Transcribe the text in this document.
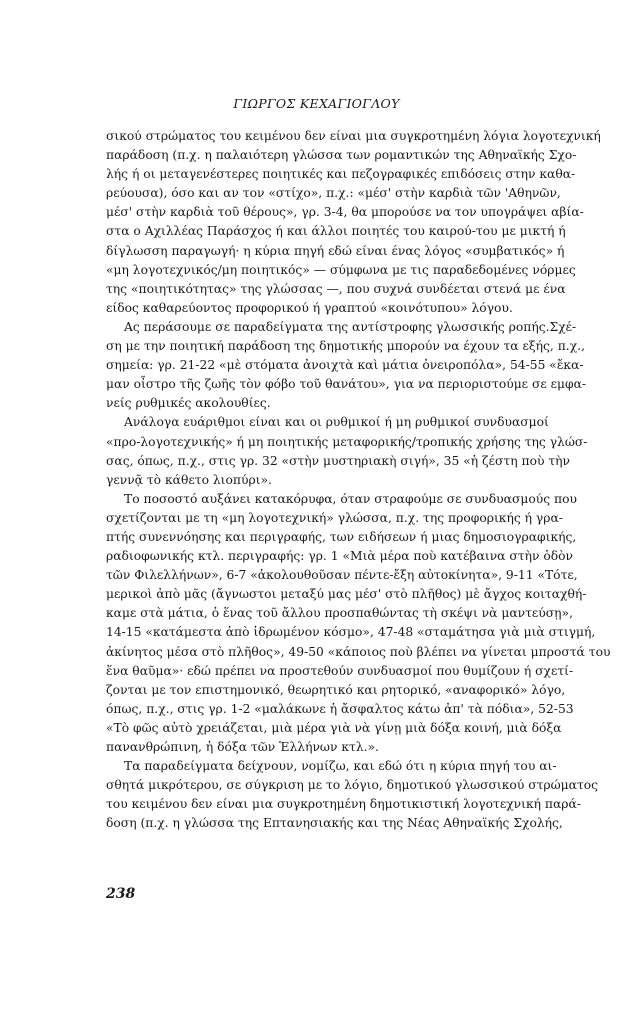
ΓΙΩΡΓΟΣ ΚΕΧΑΓΙΟΓΛΟΥ
σικού στρώματος του κειμένου δεν είναι μια συγκροτημένη λόγια λογοτεχνική
παράδοση (π.χ. η παλαιότερη γλώσσα των ρομαντικών της Αθηναϊκής Σχο-
λής ή οι μεταγενέστερες ποιητικές και πεζογραφικές επιδόσεις στην καθα-
ρεύουσα), όσο και αν τον «στίχο», π.χ.: «μέσ' στὴν καρδιὰ τῶν 'Αθηνῶν,
μέσ' στὴν καρδιὰ τοῦ θέρους», γρ. 3-4, θα μπορούσε να τον υπογράψει αβία-
στα ο Αχιλλέας Παράσχος ή και άλλοι ποιητές του καιρού-του με μικτή ή
δίγλωσση παραγωγή· η κύρια πηγή εδώ είναι ένας λόγος «συμβατικός» ή
«μη λογοτεχνικός/μη ποιητικός» — σύμφωνα με τις παραδεδομένες νόρμες
της «ποιητικότητας» της γλώσσας —, που συχνά συνδέεται στενά με ένα
είδος καθαρεύοντος προφορικού ή γραπτού «κοινότυπου» λόγου.
Ας περάσουμε σε παραδείγματα της αντίστροφης γλωσσικής ροπής.Σχέ-
ση με την ποιητική παράδοση της δημοτικής μπορούν να έχουν τα εξής, π.χ.,
σημεία: γρ. 21-22 «μὲ στόματα ἀνοιχτὰ καὶ μάτια ὀνειροπόλα», 54-55 «ἔκα-
μαν οἶστρο τῆς ζωῆς τὸν φόβο τοῦ θανάτου», για να περιοριστούμε σε εμφα-
νείς ρυθμικές ακολουθίες.
Ανάλογα ευάριθμοι είναι και οι ρυθμικοί ή μη ρυθμικοί συνδυασμοί
«προ-λογοτεχνικής» ή μη ποιητικής μεταφορικής/τροπικής χρήσης της γλώσ-
σας, όπως, π.χ., στις γρ. 32 «στὴν μυστηριακὴ σιγή», 35 «ἡ ζέστη ποὺ τὴν
γεννᾷ τὸ κάθετο λιοπύρι».
Το ποσοστό αυξάνει κατακόρυφα, όταν στραφούμε σε συνδυασμούς που
σχετίζονται με τη «μη λογοτεχνική» γλώσσα, π.χ. της προφορικής ή γρα-
πτής συνεννόησης και περιγραφής, των ειδήσεων ή μιας δημοσιογραφικής,
ραδιοφωνικής κτλ. περιγραφής: γρ. 1 «Μιὰ μέρα ποὺ κατέβαινα στὴν ὁδὸν
τῶν Φιλελλήνων», 6-7 «ἀκολουθοῦσαν πέντε-ἔξη αὐτοκίνητα», 9-11 «Τότε,
μερικοὶ ἀπὸ μᾶς (ἄγνωστοι μεταξύ μας μέσ' στὸ πλῆθος) μὲ ἄγχος κοιταχθή-
καμε στὰ μάτια, ὁ ἕνας τοῦ ἄλλου προσπαθώντας τὴ σκέψι νὰ μαντεύσῃ»,
14-15 «κατάμεστα ἀπὸ ἱδρωμένον κόσμο», 47-48 «σταμάτησα γιὰ μιὰ στιγμή,
ἀκίνητος μέσα στὸ πλῆθος», 49-50 «κάποιος ποὺ βλέπει να γίνεται μπροστά του
ἕνα θαῦμα»· εδώ πρέπει να προστεθούν συνδυασμοί που θυμίζουν ή σχετί-
ζονται με τον επιστημονικό, θεωρητικό και ρητορικό, «αναφορικό» λόγο,
όπως, π.χ., στις γρ. 1-2 «μαλάκωνε ἡ ἄσφαλτος κάτω ἀπ' τὰ πόδια», 52-53
«Τὸ φῶς αὐτὸ χρειάζεται, μιὰ μέρα γιὰ νὰ γίνῃ μιὰ δόξα κοινή, μιὰ δόξα
πανανθρώπινη, ἡ δόξα τῶν Ἑλλήνων κτλ.».
Τα παραδείγματα δείχνουν, νομίζω, και εδώ ότι η κύρια πηγή του αι-
σθητά μικρότερου, σε σύγκριση με το λόγιο, δημοτικού γλωσσικού στρώματος
του κειμένου δεν είναι μια συγκροτημένη δημοτικιστική λογοτεχνική παρά-
δοση (π.χ. η γλώσσα της Επτανησιακής και της Νέας Αθηναϊκής Σχολής,
238
